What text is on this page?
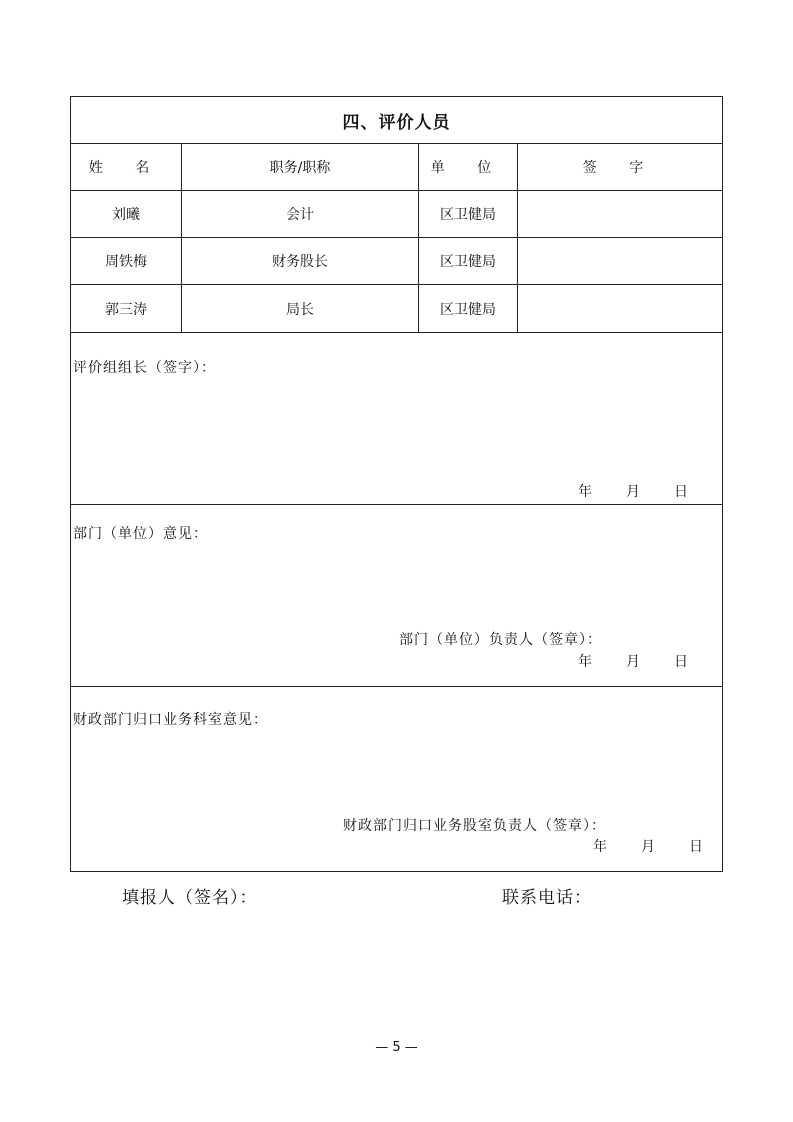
四、评价人员
姓 名	职务/职称	单 位	签 字
刘曦	会计	区卫健局
周铁梅	财务股长	区卫健局
郭三涛	局长	区卫健局
评价组组长（签字）：
年	月	日
部门（单位）意见：
部门（单位）负责人（签章）：
年	月	日
财政部门归口业务科室意见：
财政部门归口业务股室负责人（签章）：
年	月	日
填报人（签名）：	联系电话：
— 5 —
